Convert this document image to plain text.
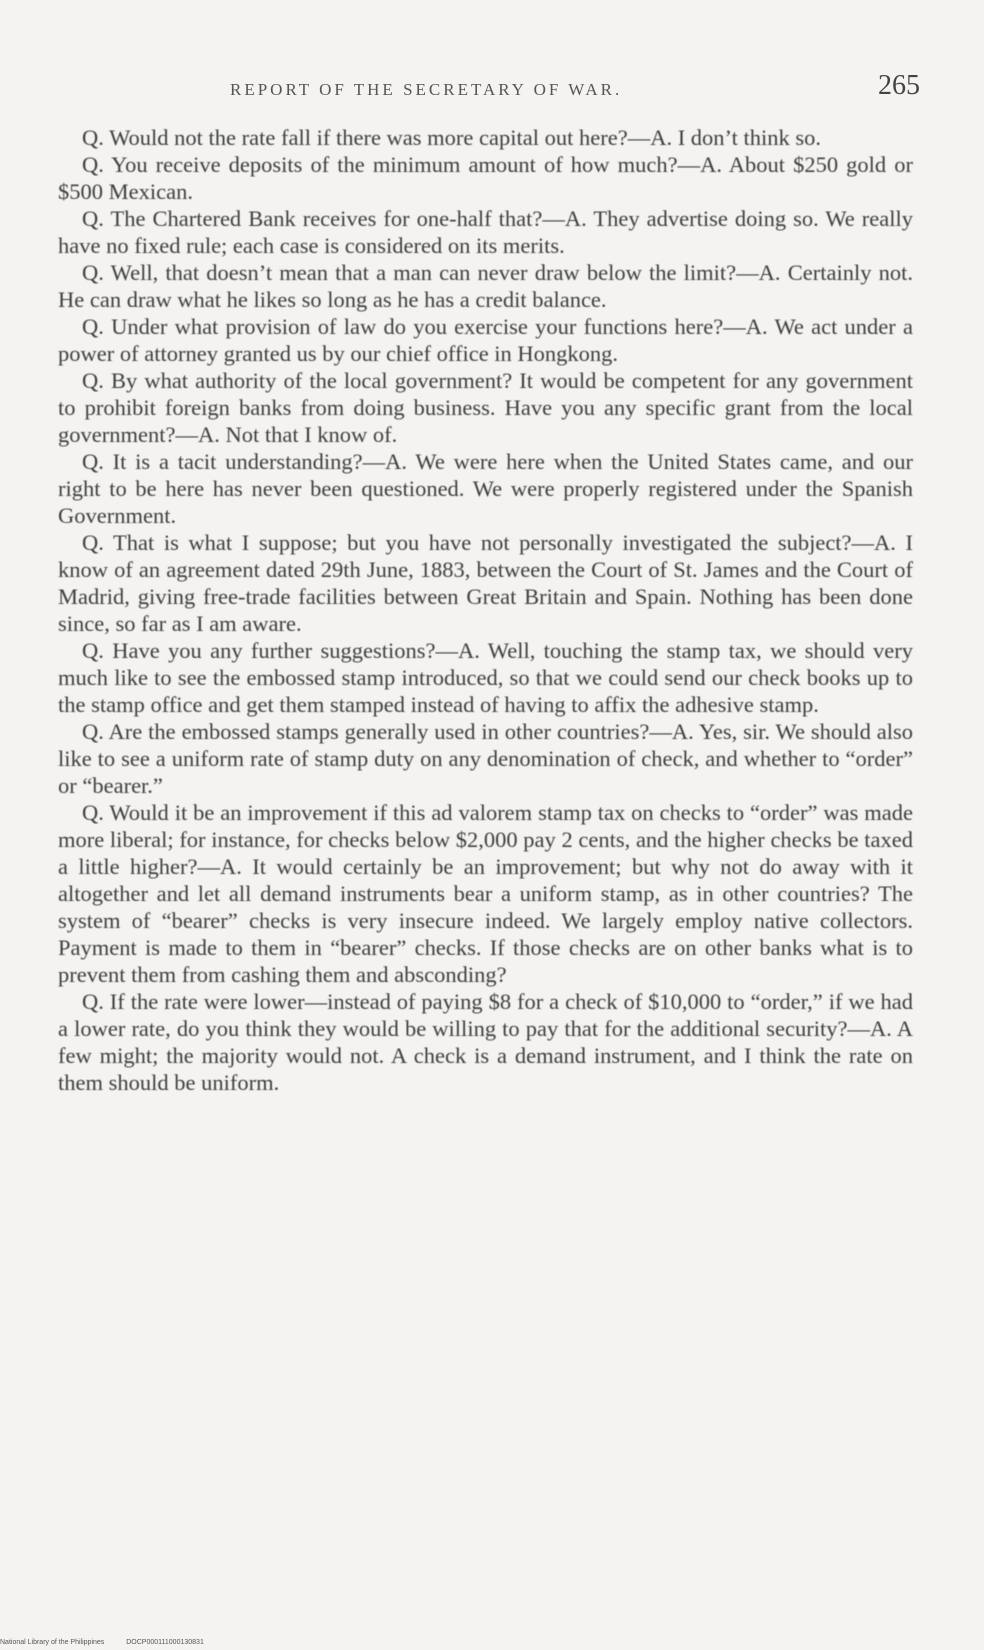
REPORT OF THE SECRETARY OF WAR.	265

Q. Would not the rate fall if there was more capital out here?—A. I don’t think so.

Q. You receive deposits of the minimum amount of how much?—A. About $250 gold or $500 Mexican.

Q. The Chartered Bank receives for one-half that?—A. They advertise doing so. We really have no fixed rule; each case is considered on its merits.

Q. Well, that doesn’t mean that a man can never draw below the limit?—A. Certainly not. He can draw what he likes so long as he has a credit balance.

Q. Under what provision of law do you exercise your functions here?—A. We act under a power of attorney granted us by our chief office in Hongkong.

Q. By what authority of the local government? It would be competent for any government to prohibit foreign banks from doing business. Have you any specific grant from the local government?—A. Not that I know of.

Q. It is a tacit understanding?—A. We were here when the United States came, and our right to be here has never been questioned. We were properly registered under the Spanish Government.

Q. That is what I suppose; but you have not personally investigated the subject?—A. I know of an agreement dated 29th June, 1883, between the Court of St. James and the Court of Madrid, giving free-trade facilities between Great Britain and Spain. Nothing has been done since, so far as I am aware.

Q. Have you any further suggestions?—A. Well, touching the stamp tax, we should very much like to see the embossed stamp introduced, so that we could send our check books up to the stamp office and get them stamped instead of having to affix the adhesive stamp.

Q. Are the embossed stamps generally used in other countries?—A. Yes, sir. We should also like to see a uniform rate of stamp duty on any denomination of check, and whether to “order” or “bearer.”

Q. Would it be an improvement if this ad valorem stamp tax on checks to “order” was made more liberal; for instance, for checks below $2,000 pay 2 cents, and the higher checks be taxed a little higher?—A. It would certainly be an improvement; but why not do away with it altogether and let all demand instruments bear a uniform stamp, as in other countries? The system of “bearer” checks is very insecure indeed. We largely employ native collectors. Payment is made to them in “bearer” checks. If those checks are on other banks what is to prevent them from cashing them and absconding?

Q. If the rate were lower—instead of paying $8 for a check of $10,000 to “order,” if we had a lower rate, do you think they would be willing to pay that for the additional security?—A. A few might; the majority would not. A check is a demand instrument, and I think the rate on them should be uniform.

National Library of the Philippines	DOCP000111000130831
